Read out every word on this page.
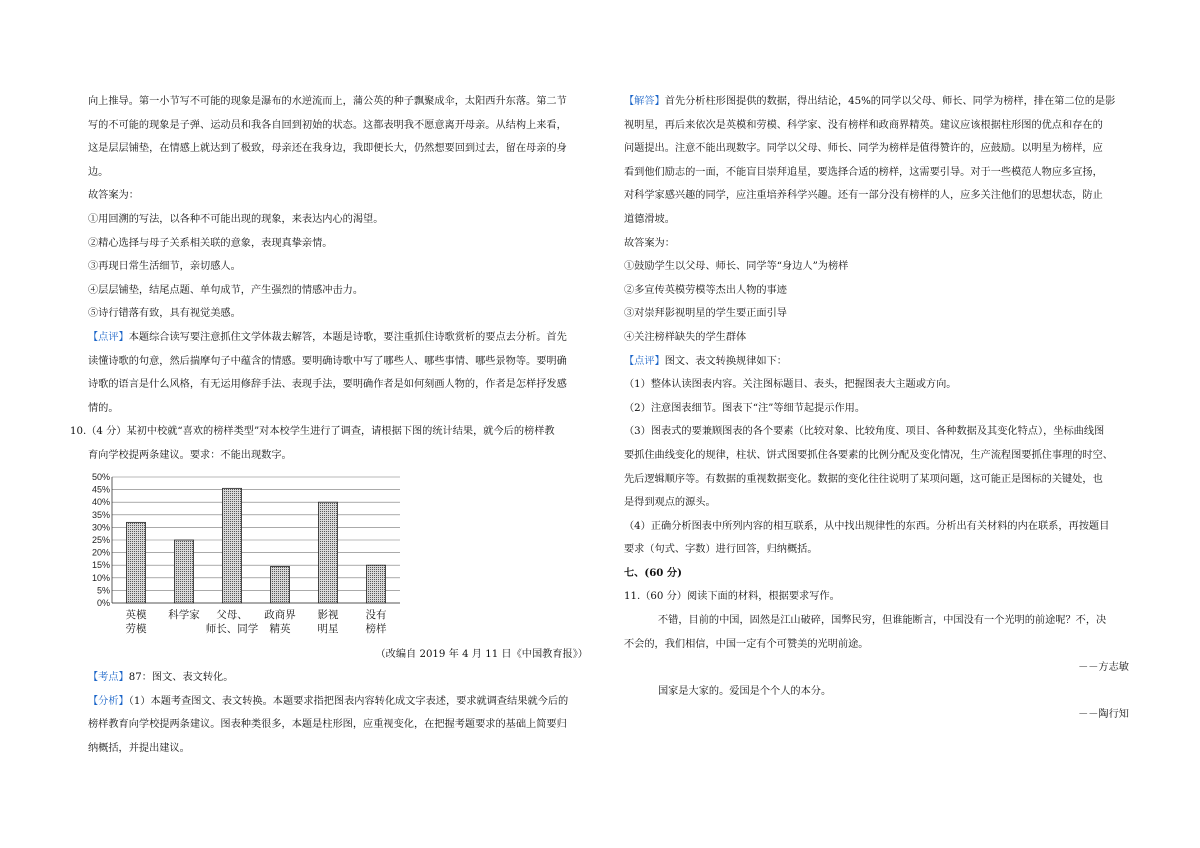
向上推导。第一小节写不可能的现象是瀑布的水逆流而上，蒲公英的种子飘聚成伞，太阳西升东落。第二节

写的不可能的现象是子弹、运动员和我各自回到初始的状态。这都表明我不愿意离开母亲。从结构上来看，

这是层层铺垫，在情感上就达到了极致，母亲还在我身边，我即便长大，仍然想要回到过去，留在母亲的身

边。

故答案为：

①用回溯的写法，以各种不可能出现的现象，来表达内心的渴望。

②精心选择与母子关系相关联的意象，表现真挚亲情。

③再现日常生活细节，亲切感人。

④层层铺垫，结尾点题、单句成节，产生强烈的情感冲击力。

⑤诗行错落有致，具有视觉美感。

【点评】本题综合读写要注意抓住文学体裁去解答，本题是诗歌，要注重抓住诗歌赏析的要点去分析。首先

读懂诗歌的句意，然后揣摩句子中蕴含的情感。要明确诗歌中写了哪些人、哪些事情、哪些景物等。要明确

诗歌的语言是什么风格，有无运用修辞手法、表现手法，要明确作者是如何刻画人物的，作者是怎样抒发感

情的。

10.（4 分）某初中校就“喜欢的榜样类型”对本校学生进行了调查，请根据下图的统计结果，就今后的榜样教

育向学校提两条建议。要求：不能出现数字。

0%
5%
10%
15%
20%
25%
30%
35%
40%
45%
50%
英模
劳模
科学家 父母、
师长、同学
政商界
精英
影视
明星
没有
榜样

（改编自 2019 年 4 月 11 日《中国教育报》）

【考点】87：图文、表文转化。

【分析】（1）本题考查图文、表文转换。本题要求指把图表内容转化成文字表述，要求就调查结果就今后的

榜样教育向学校提两条建议。图表种类很多，本题是柱形图，应重视变化，在把握考题要求的基础上简要归

纳概括，并提出建议。

【解答】首先分析柱形图提供的数据，得出结论，45%的同学以父母、师长、同学为榜样，排在第二位的是影

视明星，再后来依次是英模和劳模、科学家、没有榜样和政商界精英。建议应该根据柱形图的优点和存在的

问题提出。注意不能出现数字。同学以父母、师长、同学为榜样是值得赞许的，应鼓励。以明星为榜样，应

看到他们励志的一面，不能盲目崇拜追星，要选择合适的榜样，这需要引导。对于一些模范人物应多宣扬，

对科学家感兴趣的同学，应注重培养科学兴趣。还有一部分没有榜样的人，应多关注他们的思想状态，防止

道德滑坡。

故答案为：

①鼓励学生以父母、师长、同学等“身边人”为榜样

②多宣传英模劳模等杰出人物的事迹

③对崇拜影视明星的学生要正面引导

④关注榜样缺失的学生群体

【点评】图文、表文转换规律如下：

（1）整体认读图表内容。关注图标题目、表头，把握图表大主题或方向。

（2）注意图表细节。图表下“注”等细节起提示作用。

（3）图表式的要兼顾图表的各个要素（比较对象、比较角度、项目、各种数据及其变化特点），坐标曲线图

要抓住曲线变化的规律，柱状、饼式图要抓住各要素的比例分配及变化情况，生产流程图要抓住事理的时空、

先后逻辑顺序等。有数据的重视数据变化。数据的变化往往说明了某项问题，这可能正是图标的关键处，也

是得到观点的源头。

（4）正确分析图表中所列内容的相互联系，从中找出规律性的东西。分析出有关材料的内在联系，再按题目

要求（句式、字数）进行回答，归纳概括。

七、(60 分)

11.（60 分）阅读下面的材料，根据要求写作。

不错，目前的中国，固然是江山破碎，国弊民穷，但谁能断言，中国没有一个光明的前途呢？不，决

不会的，我们相信，中国一定有个可赞美的光明前途。

－－方志敏

国家是大家的。爱国是个个人的本分。

－－陶行知
